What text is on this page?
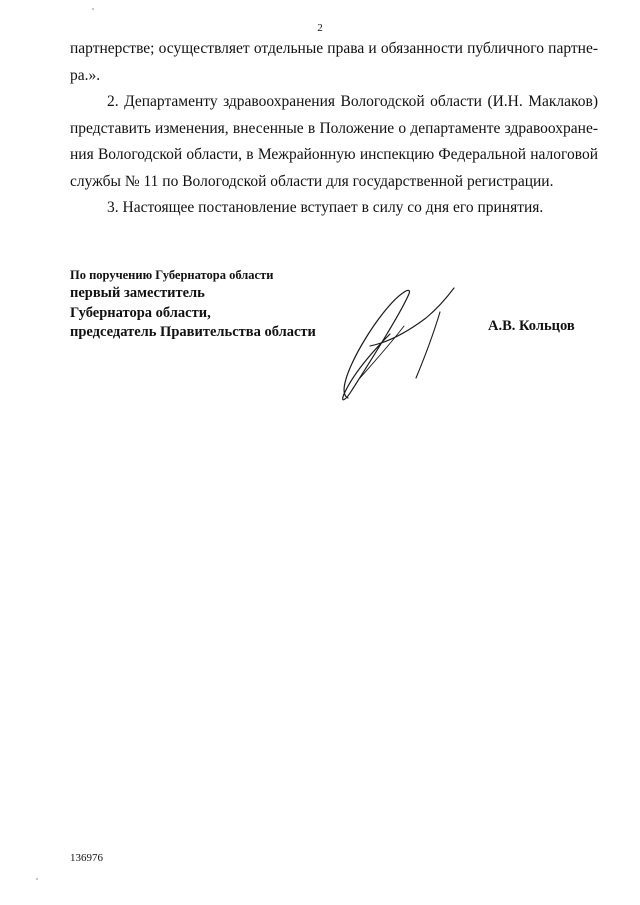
2
партнерстве; осуществляет отдельные права и обязанности публичного партне-
ра.».
2. Департаменту здравоохранения Вологодской области (И.Н. Маклаков)
представить изменения, внесенные в Положение о департаменте здравоохране-
ния Вологодской области, в Межрайонную инспекцию Федеральной налоговой
службы № 11 по Вологодской области для государственной регистрации.
3. Настоящее постановление вступает в силу со дня его принятия.
По поручению Губернатора области
первый заместитель
Губернатора области,
председатель Правительства области	А.В. Кольцов
136976
